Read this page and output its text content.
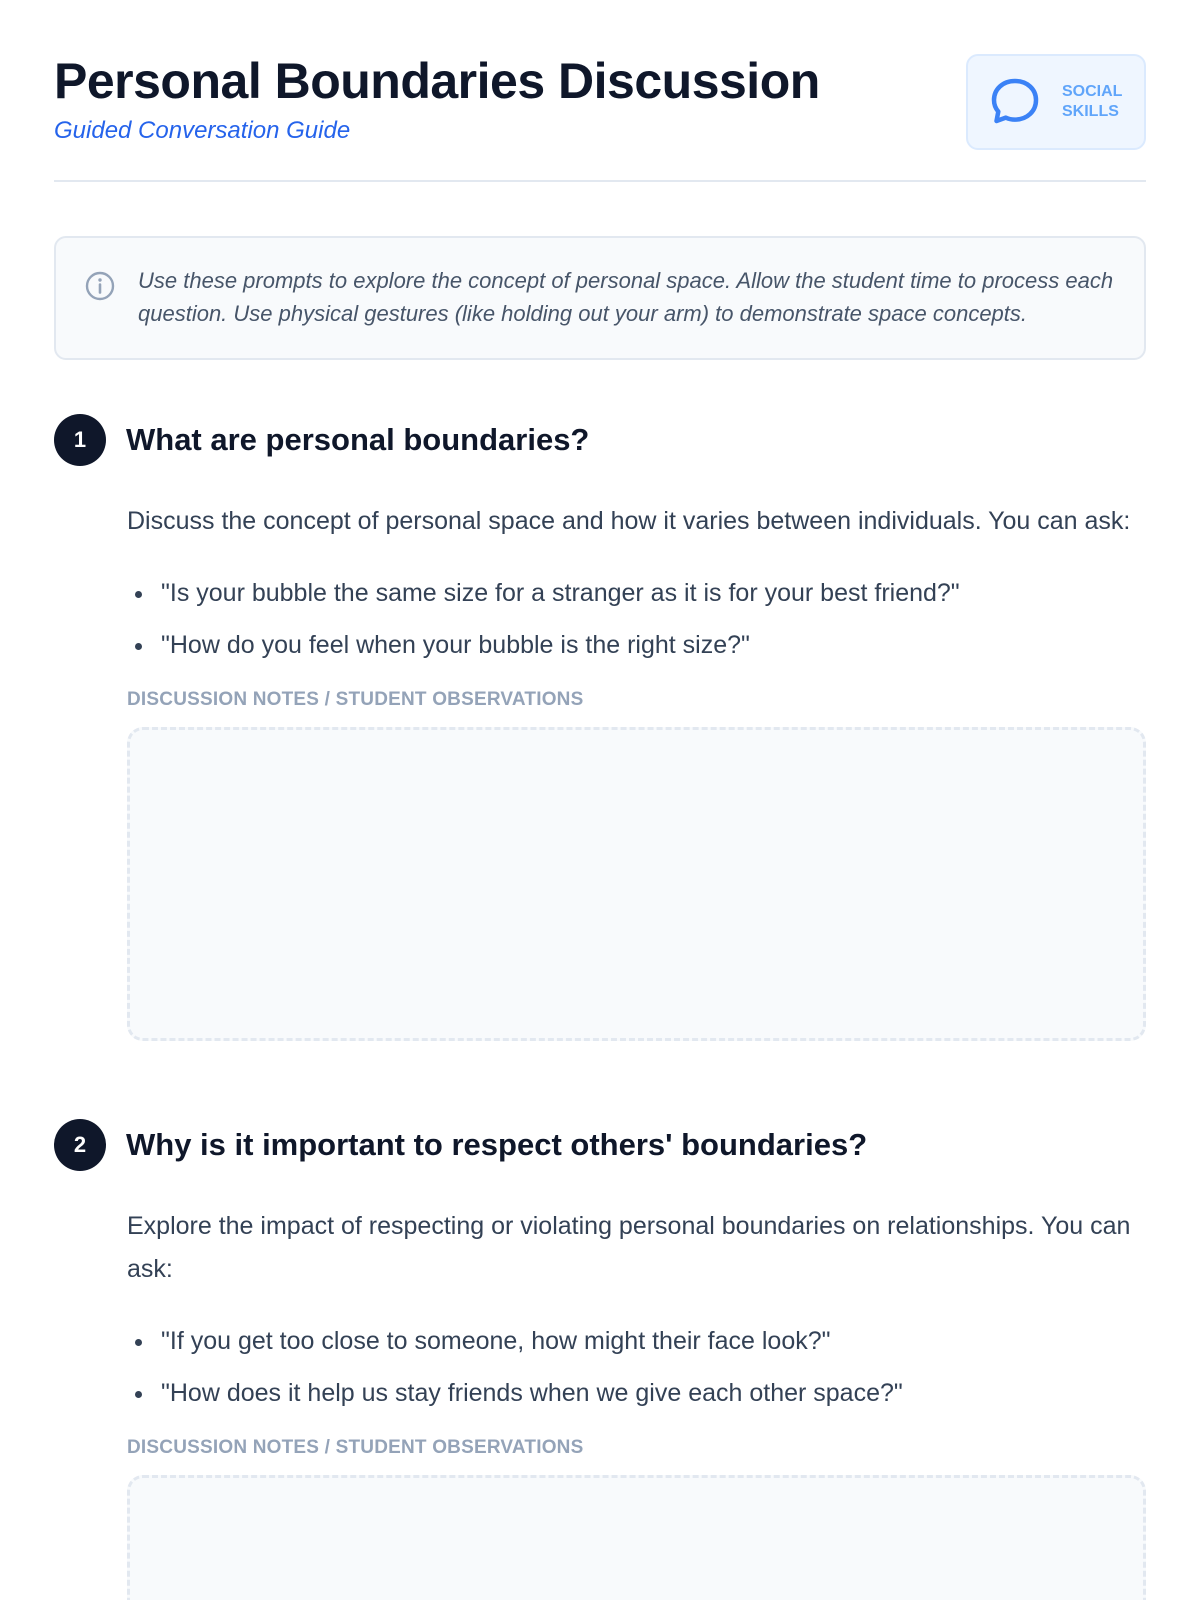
Personal Boundaries Discussion
Guided Conversation Guide
SOCIAL SKILLS
Use these prompts to explore the concept of personal space. Allow the student time to process each question. Use physical gestures (like holding out your arm) to demonstrate space concepts.
1	What are personal boundaries?

Discuss the concept of personal space and how it varies between individuals. You can ask:

"Is your bubble the same size for a stranger as it is for your best friend?"
"How do you feel when your bubble is the right size?"
DISCUSSION NOTES / STUDENT OBSERVATIONS
2	Why is it important to respect others' boundaries?

Explore the impact of respecting or violating personal boundaries on relationships. You can ask:

"If you get too close to someone, how might their face look?"
"How does it help us stay friends when we give each other space?"
DISCUSSION NOTES / STUDENT OBSERVATIONS
